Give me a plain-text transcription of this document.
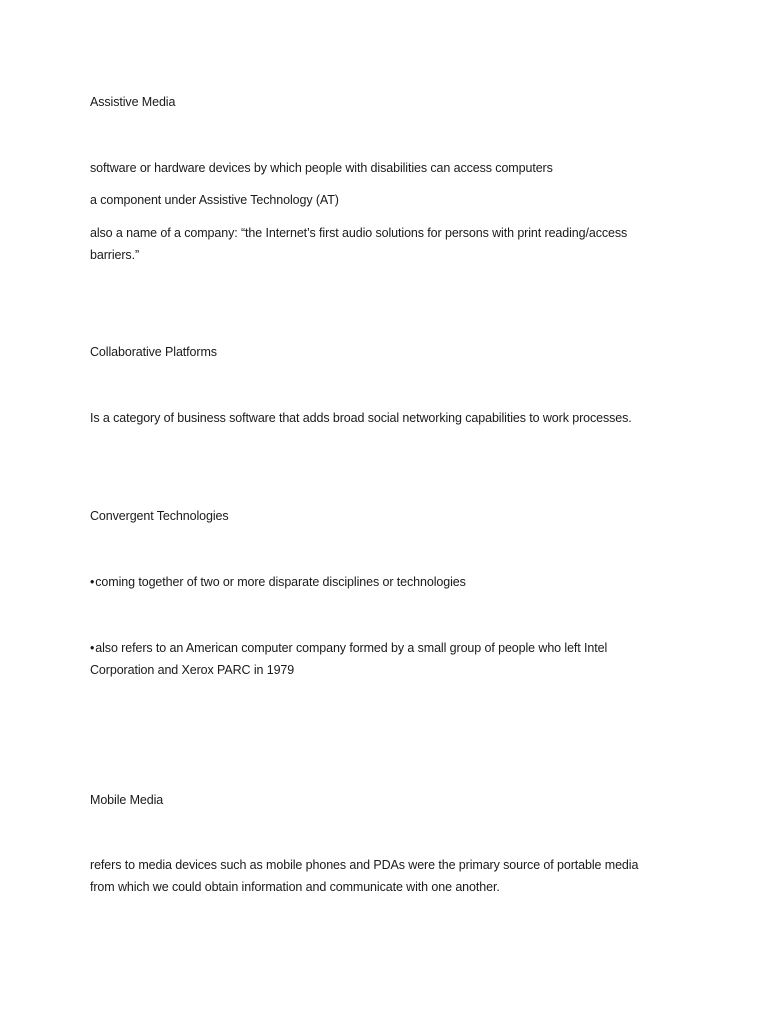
Assistive Media
software or hardware devices by which people with disabilities can access computers
a component under Assistive Technology (AT)
also a name of a company: “the Internet’s first audio solutions for persons with print reading/access barriers.”
Collaborative Platforms
Is a category of business software that adds broad social networking capabilities to work processes.
Convergent Technologies
• coming together of two or more disparate disciplines or technologies
• also refers to an American computer company formed by a small group of people who left Intel Corporation and Xerox PARC in 1979
Mobile Media
refers to media devices such as mobile phones and PDAs were the primary source of portable media from which we could obtain information and communicate with one another.
